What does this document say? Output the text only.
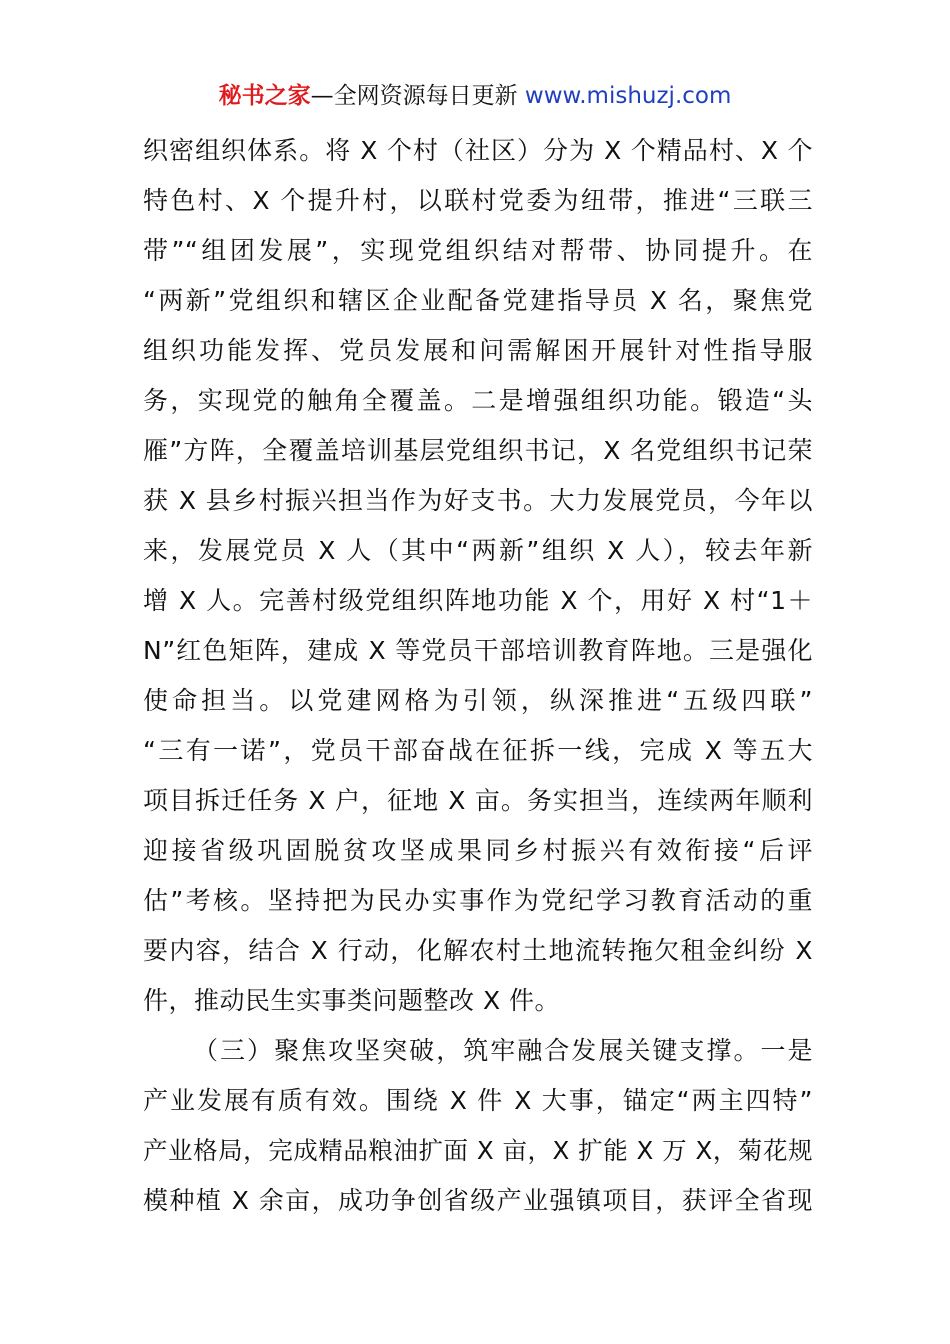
秘书之家—全网资源每日更新 www.mishuzj.com
织密组织体系。将 X 个村（社区）分为 X 个精品村、X 个
特色村、X 个提升村，以联村党委为纽带，推进“三联三
带”“组团发展”，实现党组织结对帮带、协同提升。在
“两新”党组织和辖区企业配备党建指导员 X 名，聚焦党
组织功能发挥、党员发展和问需解困开展针对性指导服
务，实现党的触角全覆盖。二是增强组织功能。锻造“头
雁”方阵，全覆盖培训基层党组织书记，X 名党组织书记荣
获 X 县乡村振兴担当作为好支书。大力发展党员，今年以
来，发展党员 X 人（其中“两新”组织 X 人），较去年新
增 X 人。完善村级党组织阵地功能 X 个，用好 X 村“1＋
N”红色矩阵，建成 X 等党员干部培训教育阵地。三是强化
使命担当。以党建网格为引领，纵深推进“五级四联”
“三有一诺”，党员干部奋战在征拆一线，完成 X 等五大
项目拆迁任务 X 户，征地 X 亩。务实担当，连续两年顺利
迎接省级巩固脱贫攻坚成果同乡村振兴有效衔接“后评
估”考核。坚持把为民办实事作为党纪学习教育活动的重
要内容，结合 X 行动，化解农村土地流转拖欠租金纠纷 X
件，推动民生实事类问题整改 X 件。
（三）聚焦攻坚突破，筑牢融合发展关键支撑。一是
产业发展有质有效。围绕 X 件 X 大事，锚定“两主四特”
产业格局，完成精品粮油扩面 X 亩，X 扩能 X 万 X，菊花规
模种植 X 余亩，成功争创省级产业强镇项目，获评全省现
